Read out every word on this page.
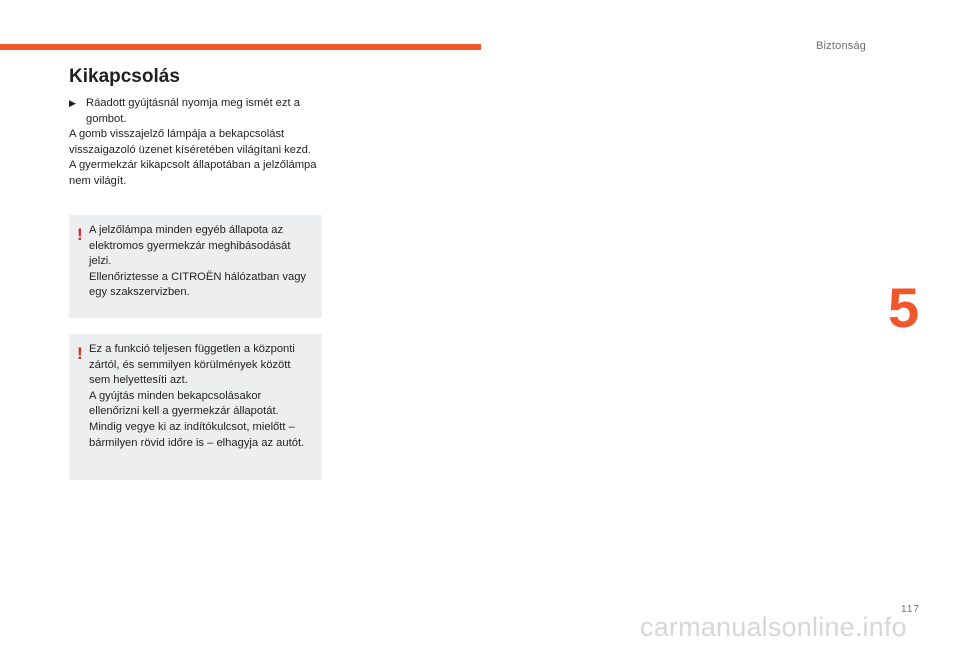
Biztonság
5
Kikapcsolás
▶ Ráadott gyújtásnál nyomja meg ismét ezt a gombot.

A gomb visszajelző lámpája a bekapcsolást visszaigazoló üzenet kíséretében világítani kezd.

A gyermekzár kikapcsolt állapotában a jelzőlámpa nem világít.

! A jelzőlámpa minden egyéb állapota az elektromos gyermekzár meghibásodását jelzi.

Ellenőriztesse a CITROËN hálózatban vagy egy szakszervizben.

! Ez a funkció teljesen független a központi zártól, és semmilyen körülmények között sem helyettesíti azt.

A gyújtás minden bekapcsolásakor ellenőrizni kell a gyermekzár állapotát.

Mindig vegye ki az indítókulcsot, mielőtt – bármilyen rövid időre is – elhagyja az autót.

117
carmanualsonline.info
